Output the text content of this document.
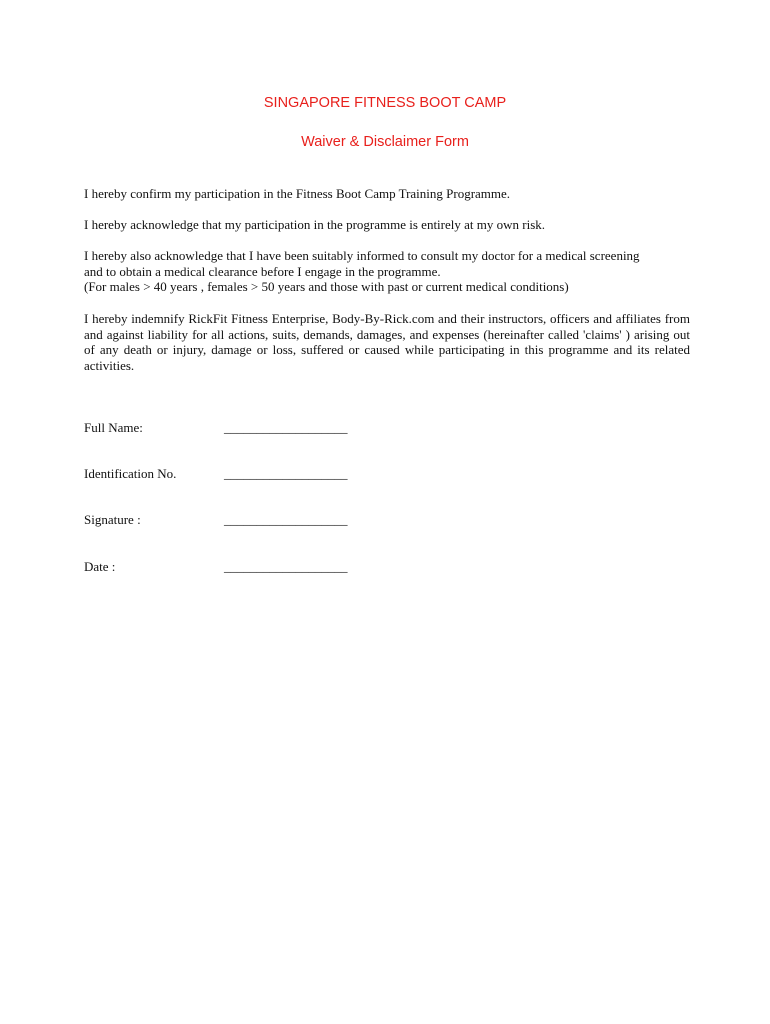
SINGAPORE FITNESS BOOT CAMP
Waiver & Disclaimer Form

I hereby confirm my participation in the Fitness Boot Camp Training Programme.

I hereby acknowledge that my participation in the programme is entirely at my own risk.

I hereby also acknowledge that I have been suitably informed to consult my doctor for a medical screening
and to obtain a medical clearance before I engage in the programme.
(For males > 40 years , females > 50 years and those with past or current medical conditions)

I hereby indemnify RickFit Fitness Enterprise, Body-By-Rick.com and their instructors, officers and affiliates from and against liability for all actions, suits, demands, damages, and expenses (hereinafter called 'claims' ) arising out of any death or injury, damage or loss, suffered or caused while participating in this programme and its related activities.

Full Name:	___________________
Identification No.	___________________
Signature :	___________________
Date :	___________________
